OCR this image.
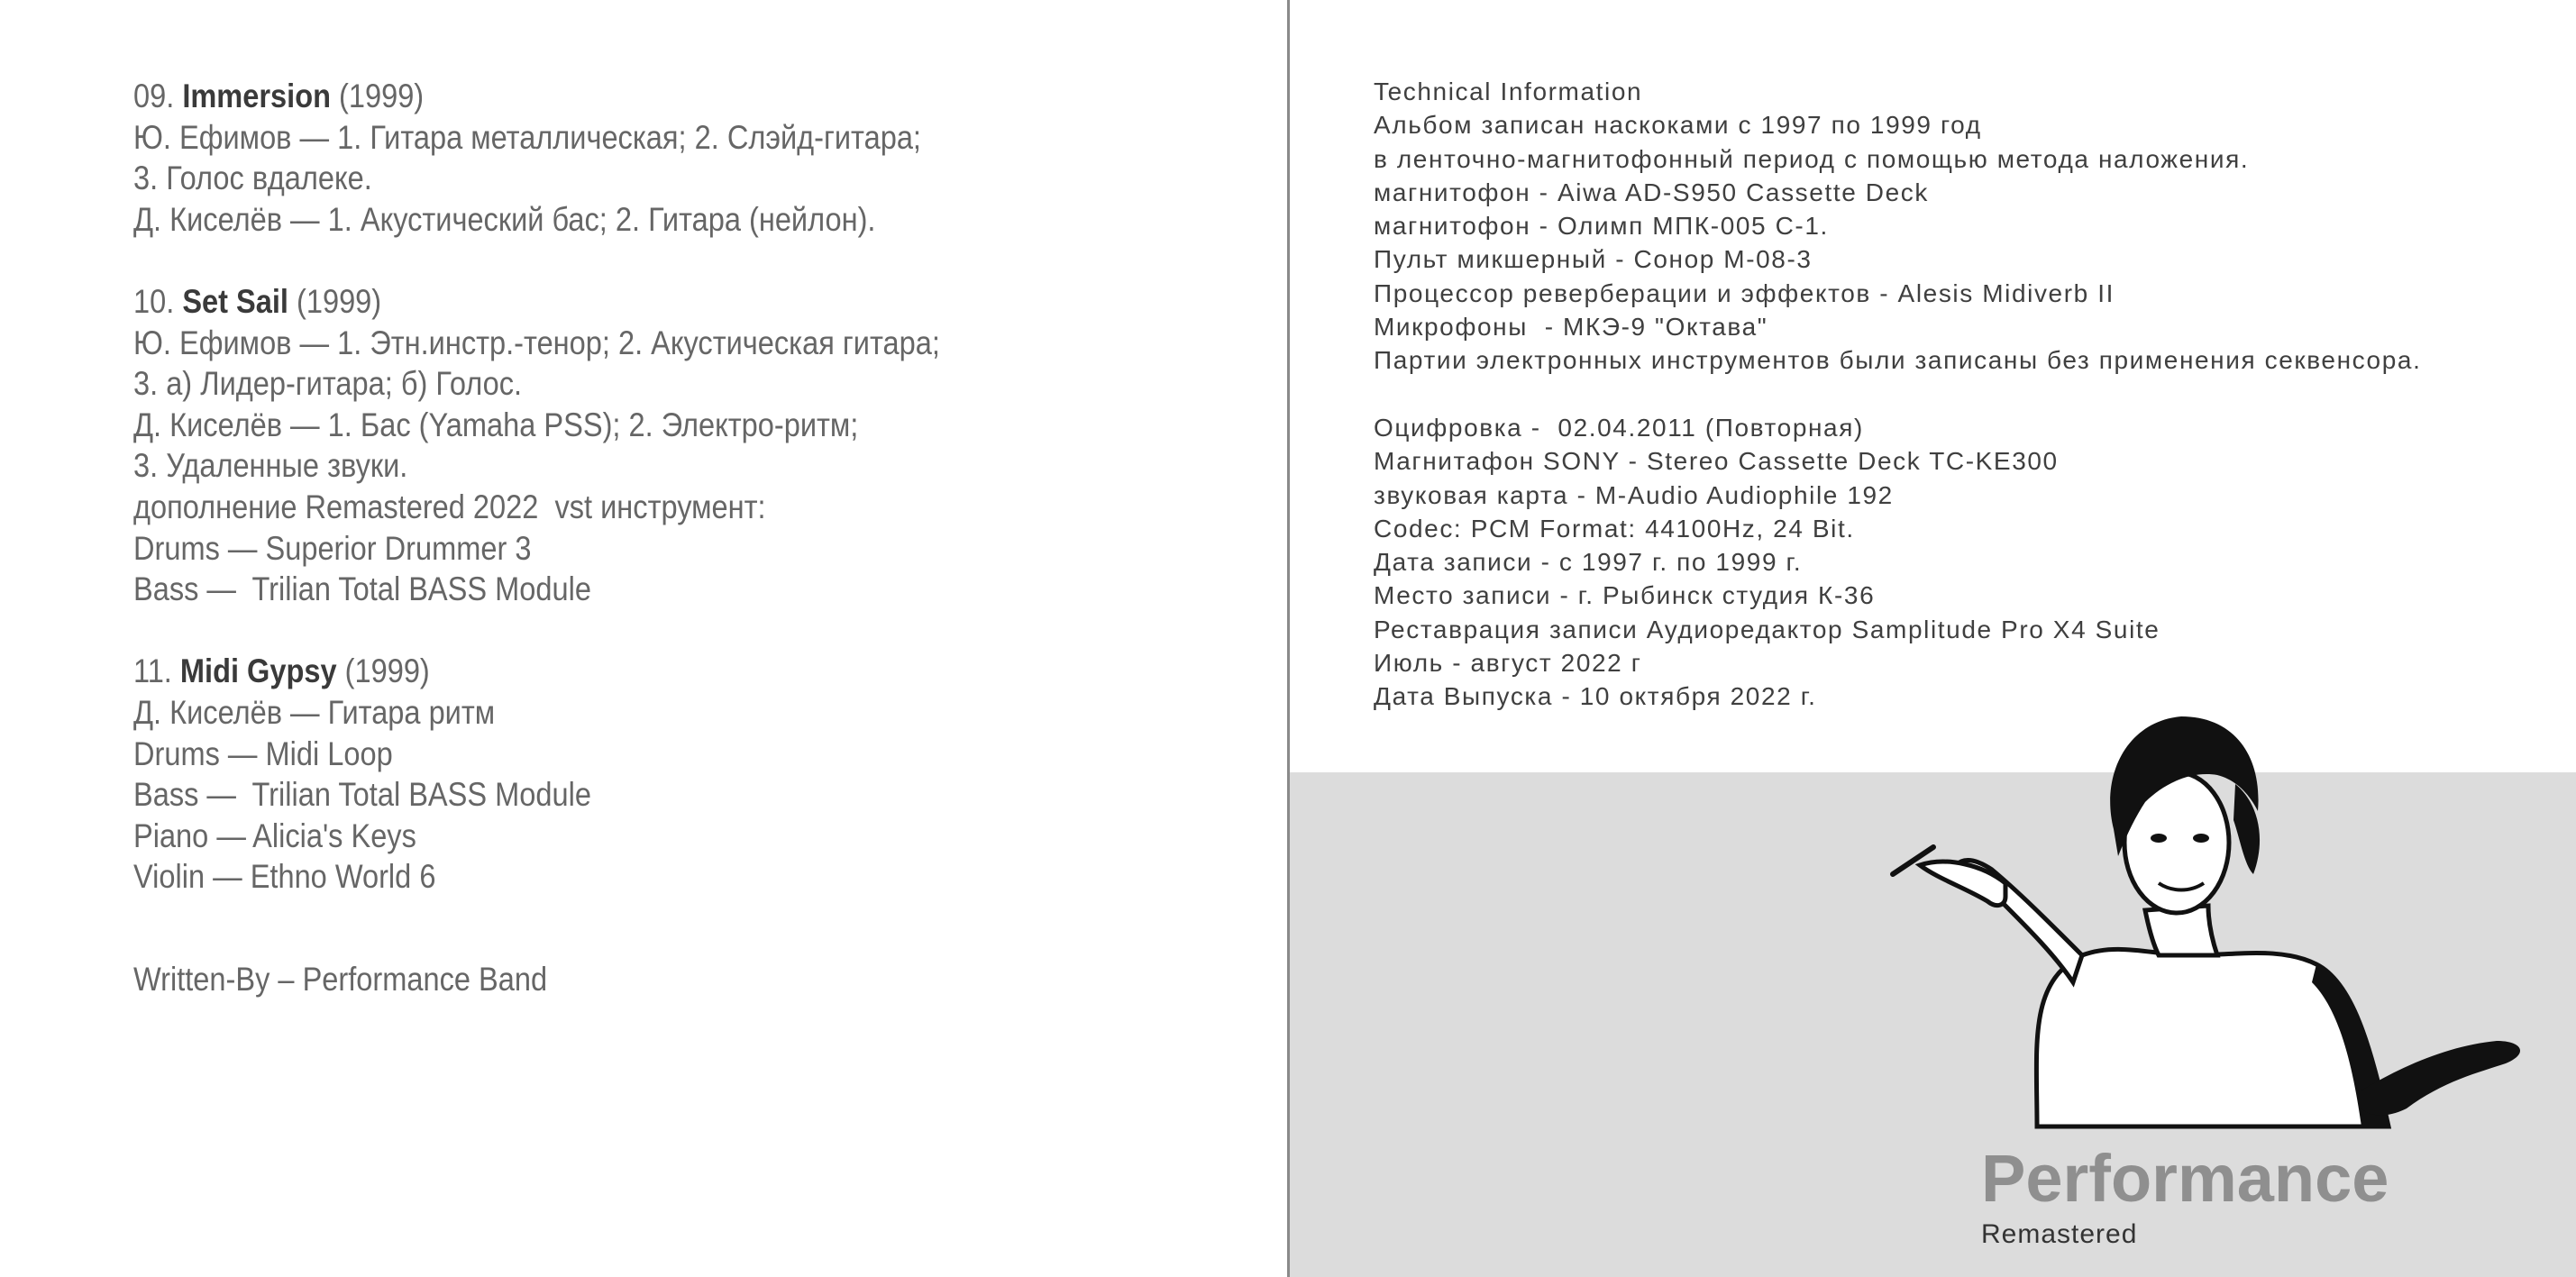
09. Immersion (1999)
Ю. Ефимов — 1. Гитара металлическая; 2. Слэйд-гитара;
3. Голос вдалеке.
Д. Киселёв — 1. Акустический бас; 2. Гитара (нейлон).
10. Set Sail (1999)
Ю. Ефимов — 1. Этн.инстр.-тенор; 2. Акустическая гитара;
3. а) Лидер-гитара; б) Голос.
Д. Киселёв — 1. Бас (Yamaha PSS); 2. Электро-ритм;
3. Удаленные звуки.
дополнение Remastered 2022  vst инструмент:
Drums — Superior Drummer 3
Bass —  Trilian Total BASS Module
11. Midi Gypsy (1999)
Д. Киселёв — Гитара ритм
Drums — Midi Loop
Bass —  Trilian Total BASS Module
Piano — Alicia's Keys
Violin — Ethno World 6
Written-By – Performance Band
Technical Information
Альбом записан наскоками с 1997 по 1999 год
в ленточно-магнитофонный период с помощью метода наложения.
магнитофон - Aiwa AD-S950 Cassette Deck
магнитофон - Олимп МПК-005 С-1.
Пульт микшерный - Сонор М-08-3
Процессор реверберации и эффектов - Alesis Midiverb II
Микрофоны  - МКЭ-9 "Октава"
Партии электронных инструментов были записаны без применения секвенсора.
Оцифровка -  02.04.2011 (Повторная)
Магнитафон SONY - Stereo Cassette Deck TC-KE300
звуковая карта - M-Audio Audiophile 192
Codec: PCM Format: 44100Hz, 24 Bit.
Дата записи - с 1997 г. по 1999 г.
Место записи - г. Рыбинск студия К-36
Реставрация записи Аудиоредактор Samplitude Pro X4 Suite
Июль - август 2022 г
Дата Выпуска - 10 октября 2022 г.
Performance
Remastered
